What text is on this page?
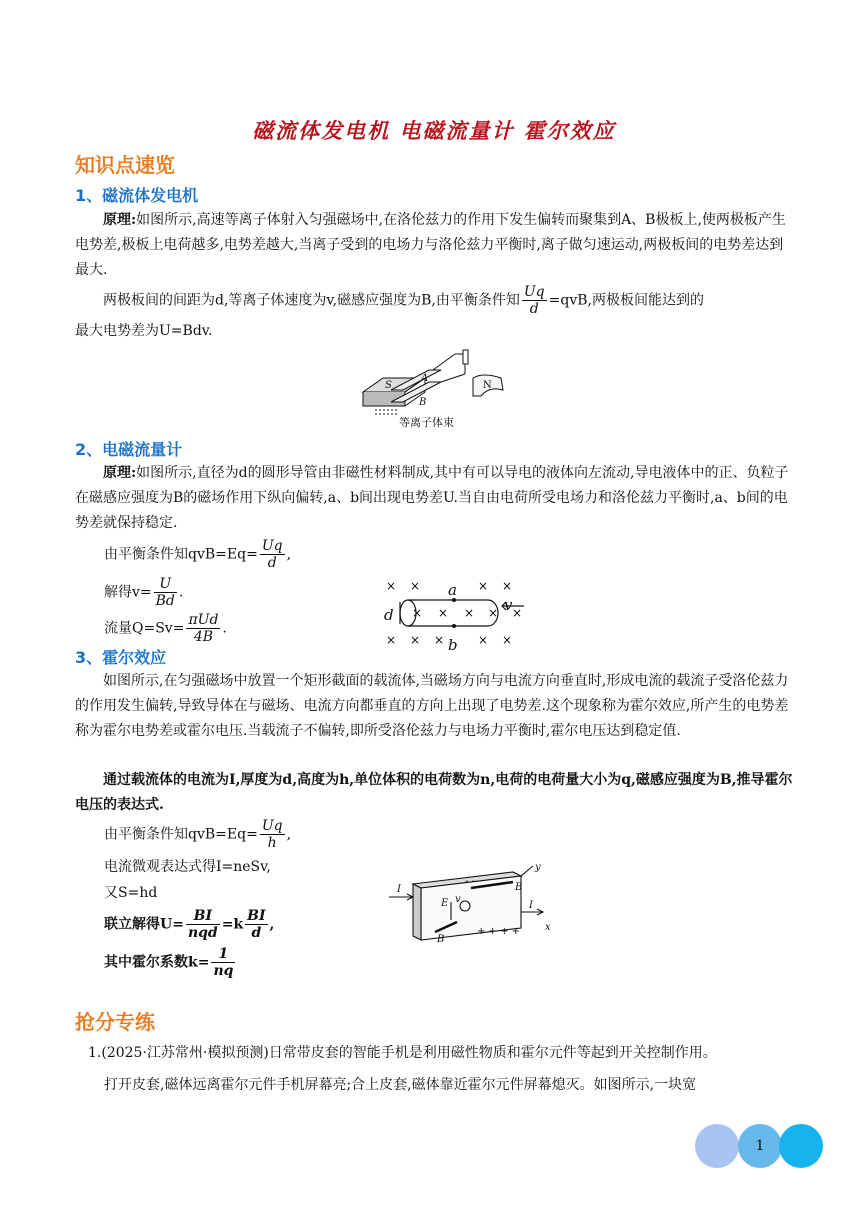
磁流体发电机 电磁流量计 霍尔效应
知识点速览
1、磁流体发电机
原理:如图所示,高速等离子体射入匀强磁场中,在洛伦兹力的作用下发生偏转而聚集到A、B极板上,使两极板产生电势差,极板上电荷越多,电势差越大,当离子受到的电场力与洛伦兹力平衡时,离子做匀速运动,两极板间的电势差达到最大.
两极板间的间距为d,等离子体速度为v,磁感应强度为B,由平衡条件知 $\frac{Uq}{d} =qvB$,两极板间能达到的
最大电势差为U=Bdv.
S
A
B
N
等离子体束
2、电磁流量计
原理:如图所示,直径为d的圆形导管由非磁性材料制成,其中有可以导电的液体向左流动,导电液体中的正、负粒子在磁感应强度为B的磁场作用下纵向偏转,a、b间出现电势差U.当自由电荷所受电场力和洛伦兹力平衡时,a、b间的电势差就保持稳定.
由平衡条件知$qvB=Eq= \frac{Uq}{d}$ ,
解得$v= \frac{U}{Bd}$ .
流量$Q=Sv= \frac{\text{πUd}}{4B}$ .
× ×	× ×
× × × × ×
× × ×	× ×
a
b
d
v
3、霍尔效应
如图所示,在匀强磁场中放置一个矩形截面的载流体,当磁场方向与电流方向垂直时,形成电流的载流子受洛伦兹力的作用发生偏转,导致导体在与磁场、电流方向都垂直的方向上出现了电势差.这个现象称为霍尔效应,所产生的电势差称为霍尔电势差或霍尔电压.当载流子不偏转,即所受洛伦兹力与电场力平衡时,霍尔电压达到稳定值.
通过载流体的电流为I,厚度为d,高度为h,单位体积的电荷数为n,电荷的电荷量大小为q,磁感应强度为B,推导霍尔电压的表达式.
由平衡条件知$qvB=Eq= \frac{Uq}{h}$ ,
电流微观表达式得I=neSv,
又S=hd
联立解得$U= \frac{BI}{\text{nqd}} =k \frac{BI}{d}$ ,
其中霍尔系数$k= \frac{1}{nq}$
I
I
B
B
y
x
E v
+ + + +
- -
抢分专练
1.(2025·江苏常州·模拟预测)日常带皮套的智能手机是利用磁性物质和霍尔元件等起到开关控制作用。
打开皮套,磁体远离霍尔元件手机屏幕亮;合上皮套,磁体靠近霍尔元件屏幕熄灭。如图所示,一块宽
1
